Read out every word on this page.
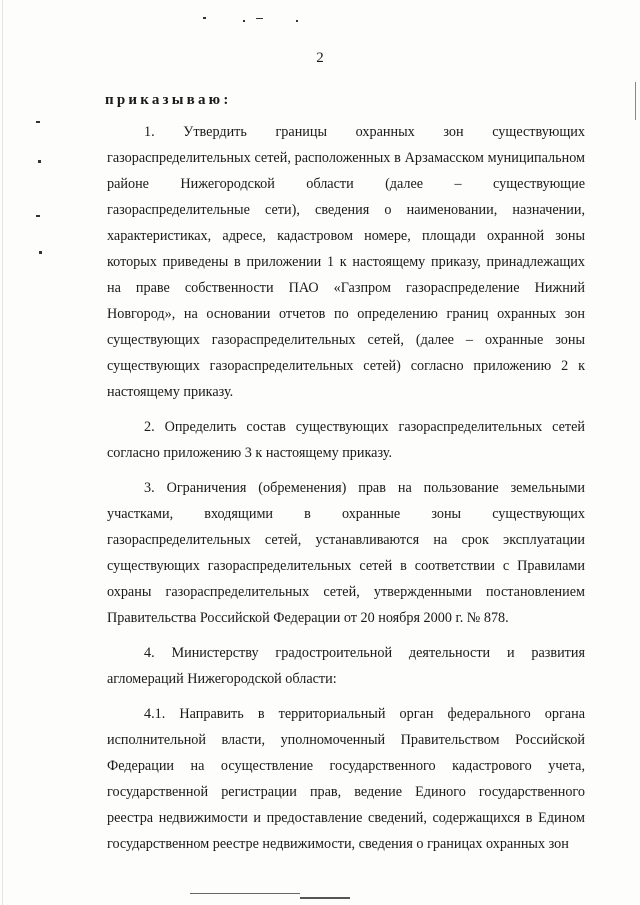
2
приказываю:
1. Утвердить границы охранных зон существующих
газораспределительных сетей, расположенных в Арзамасском муниципальном
районе Нижегородской области (далее – существующие
газораспределительные сети), сведения о наименовании, назначении,
характеристиках, адресе, кадастровом номере, площади охранной зоны
которых приведены в приложении 1 к настоящему приказу, принадлежащих
на праве собственности ПАО «Газпром газораспределение Нижний
Новгород», на основании отчетов по определению границ охранных зон
существующих газораспределительных сетей, (далее – охранные зоны
существующих газораспределительных сетей) согласно приложению 2 к
настоящему приказу.
2. Определить состав существующих газораспределительных сетей
согласно приложению 3 к настоящему приказу.
3. Ограничения (обременения) прав на пользование земельными
участками, входящими в охранные зоны существующих
газораспределительных сетей, устанавливаются на срок эксплуатации
существующих газораспределительных сетей в соответствии с Правилами
охраны газораспределительных сетей, утвержденными постановлением
Правительства Российской Федерации от 20 ноября 2000 г. № 878.
4. Министерству градостроительной деятельности и развития
агломераций Нижегородской области:
4.1. Направить в территориальный орган федерального органа
исполнительной власти, уполномоченный Правительством Российской
Федерации на осуществление государственного кадастрового учета,
государственной регистрации прав, ведение Единого государственного
реестра недвижимости и предоставление сведений, содержащихся в Едином
государственном реестре недвижимости, сведения о границах охранных зон
